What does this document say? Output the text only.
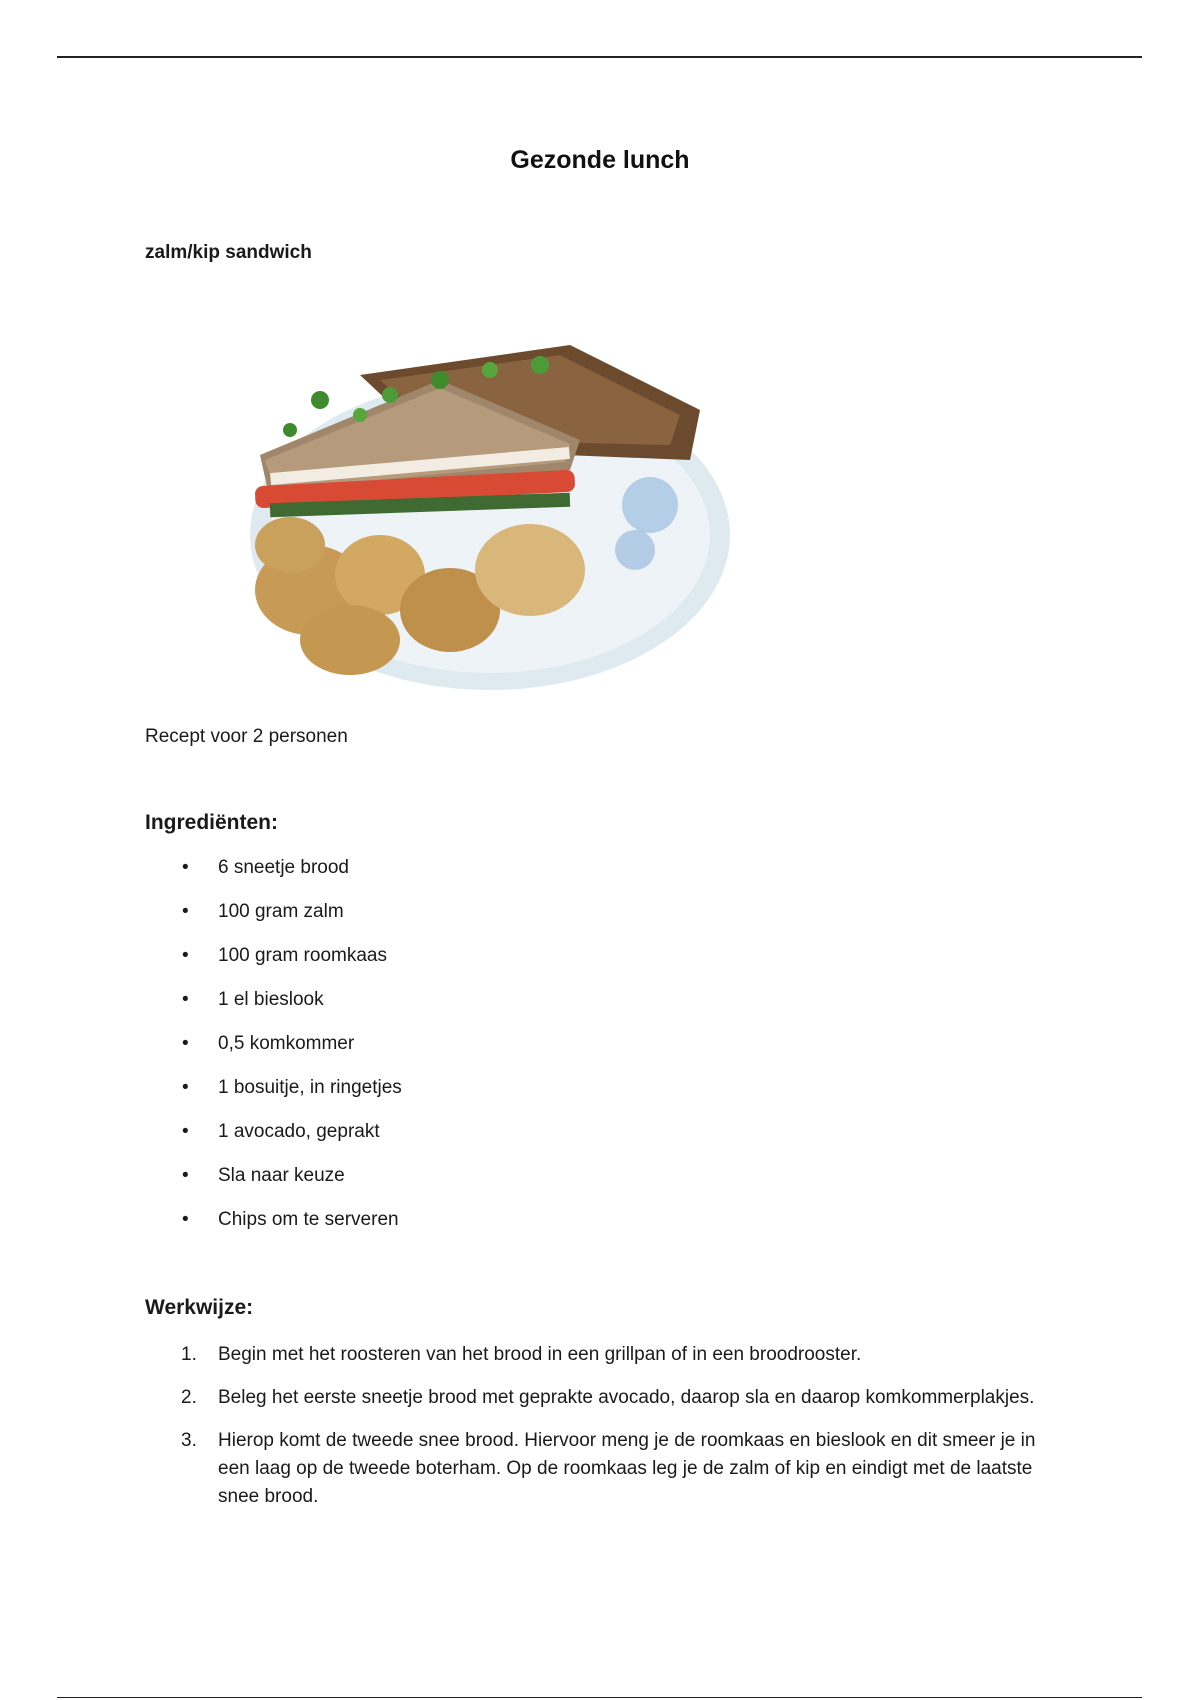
Gezonde lunch
zalm/kip sandwich
Recept voor 2 personen
Ingrediënten:
• 6 sneetje brood
• 100 gram zalm
• 100 gram roomkaas
• 1 el bieslook
• 0,5 komkommer
• 1 bosuitje, in ringetjes
• 1 avocado, geprakt
• Sla naar keuze
• Chips om te serveren
Werkwijze:
1. Begin met het roosteren van het brood in een grillpan of in een broodrooster.
2. Beleg het eerste sneetje brood met geprakte avocado, daarop sla en daarop komkommerplakjes.
3. Hierop komt de tweede snee brood. Hiervoor meng je de roomkaas en bieslook en dit smeer je in een laag op de tweede boterham. Op de roomkaas leg je de zalm of kip en eindigt met de laatste snee brood.
